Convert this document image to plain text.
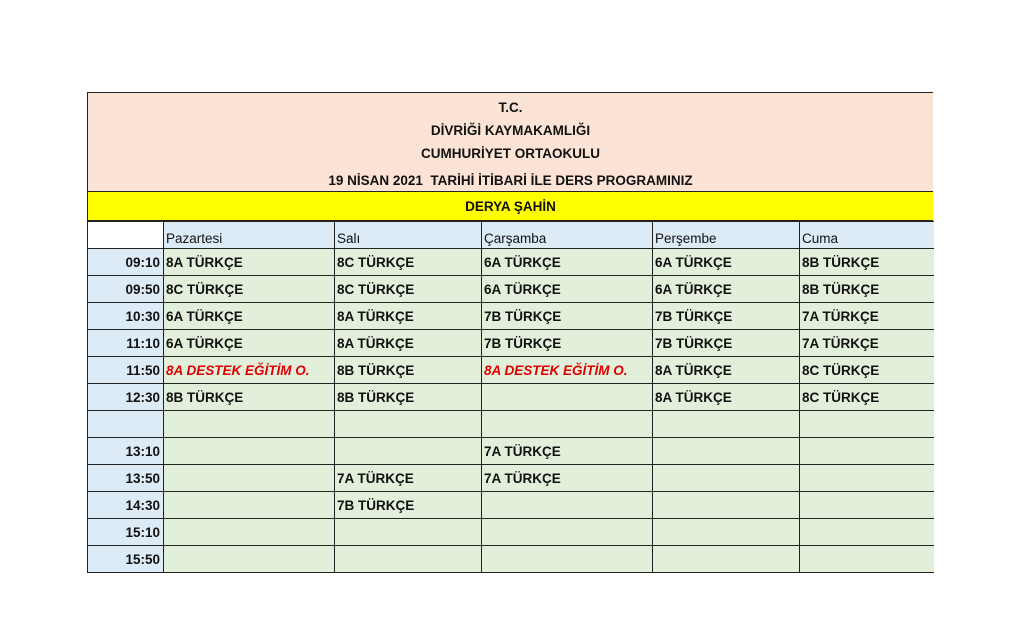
T.C.
DİVRİĞİ KAYMAKAMLIĞI
CUMHURİYET ORTAOKULU
19 NİSAN 2021  TARİHİ İTİBARİ İLE DERS PROGRAMINIZ
DERYA ŞAHİN
	Pazartesi	Salı	Çarşamba	Perşembe	Cuma
09:10	8A TÜRKÇE	8C TÜRKÇE	6A TÜRKÇE	6A TÜRKÇE	8B TÜRKÇE
09:50	8C TÜRKÇE	8C TÜRKÇE	6A TÜRKÇE	6A TÜRKÇE	8B TÜRKÇE
10:30	6A TÜRKÇE	8A TÜRKÇE	7B TÜRKÇE	7B TÜRKÇE	7A TÜRKÇE
11:10	6A TÜRKÇE	8A TÜRKÇE	7B TÜRKÇE	7B TÜRKÇE	7A TÜRKÇE
11:50	8A DESTEK EĞİTİM O.	8B TÜRKÇE	8A DESTEK EĞİTİM O.	8A TÜRKÇE	8C TÜRKÇE
12:30	8B TÜRKÇE	8B TÜRKÇE		8A TÜRKÇE	8C TÜRKÇE

13:10			7A TÜRKÇE		
13:50		7A TÜRKÇE	7A TÜRKÇE		
14:30		7B TÜRKÇE			
15:10					
15:50					
